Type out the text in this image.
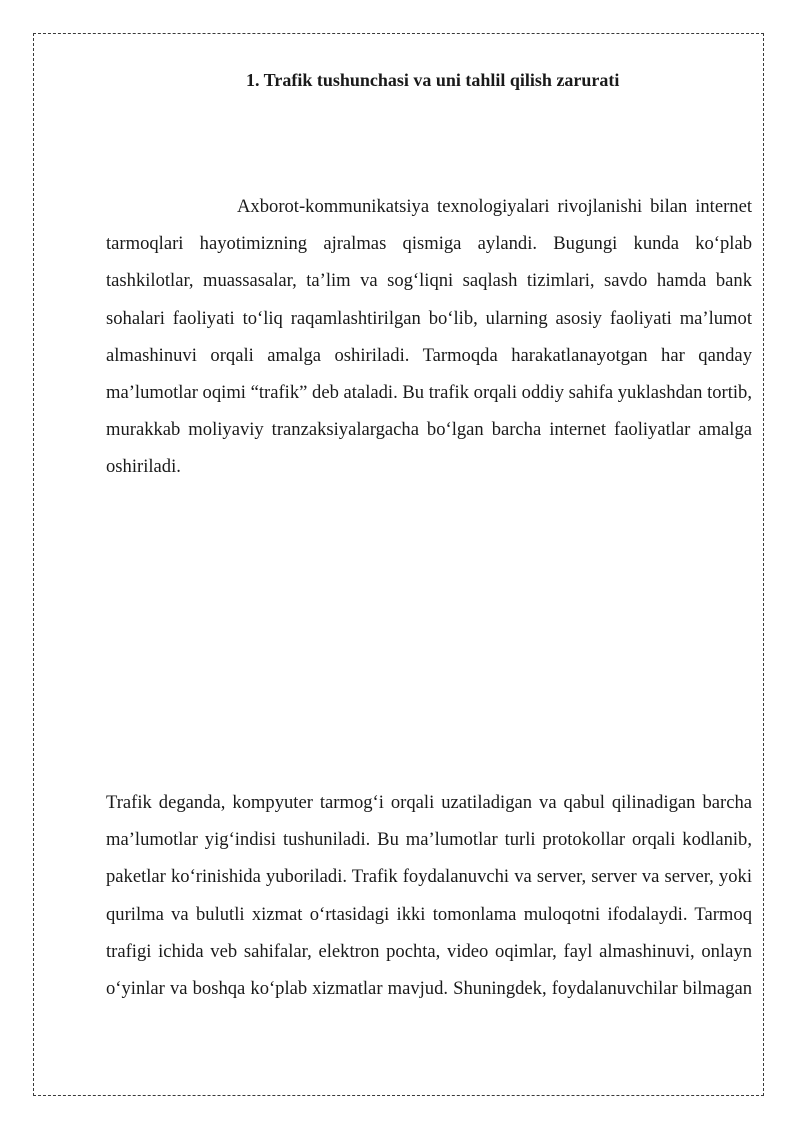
1. Trafik tushunchasi va uni tahlil qilish zarurati
Axborot-kommunikatsiya texnologiyalari rivojlanishi bilan internet
tarmoqlari hayotimizning ajralmas qismiga aylandi. Bugungi kunda ko‘plab
tashkilotlar, muassasalar, ta’lim va sog‘liqni saqlash tizimlari, savdo hamda bank
sohalari faoliyati to‘liq raqamlashtirilgan bo‘lib, ularning asosiy faoliyati ma’lumot
almashinuvi orqali amalga oshiriladi. Tarmoqda harakatlanayotgan har qanday
ma’lumotlar oqimi “trafik” deb ataladi. Bu trafik orqali oddiy sahifa yuklashdan tortib,
murakkab moliyaviy tranzaksiyalargacha bo‘lgan barcha internet faoliyatlar amalga
oshiriladi.
Trafik deganda, kompyuter tarmog‘i orqali uzatiladigan va qabul qilinadigan barcha
ma’lumotlar yig‘indisi tushuniladi. Bu ma’lumotlar turli protokollar orqali kodlanib,
paketlar ko‘rinishida yuboriladi. Trafik foydalanuvchi va server, server va server, yoki
qurilma va bulutli xizmat o‘rtasidagi ikki tomonlama muloqotni ifodalaydi. Tarmoq
trafigi ichida veb sahifalar, elektron pochta, video oqimlar, fayl almashinuvi, onlayn
o‘yinlar va boshqa ko‘plab xizmatlar mavjud. Shuningdek, foydalanuvchilar bilmagan
